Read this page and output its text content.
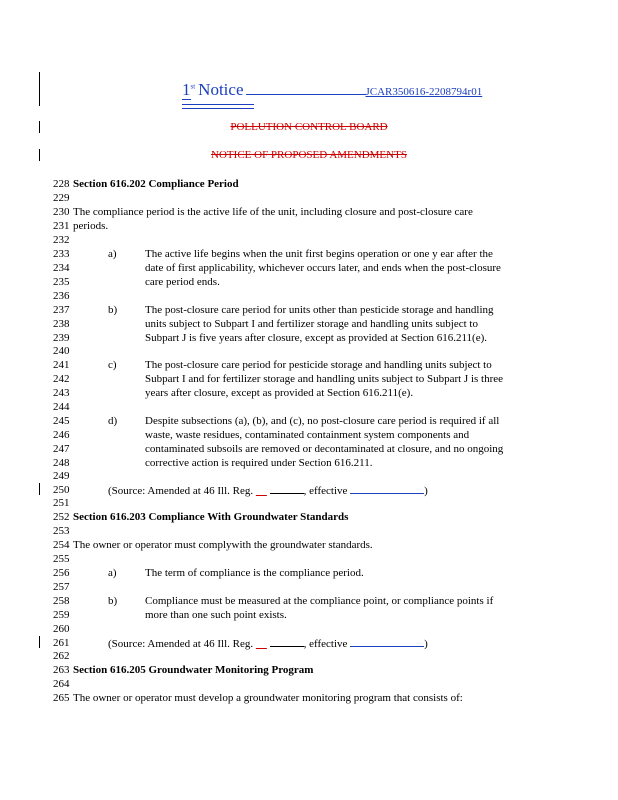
1st Notice	JCAR350616-2208794r01
POLLUTION CONTROL BOARD
NOTICE OF PROPOSED AMENDMENTS
228
229
230
231
232
233
234
235
236
237
238
239
240
241
242
243
244
245
246
247
248
249
250
251
252
253
254
255
256
257
258
259
260
261
262
263
264
265
Section 616.202 Compliance Period
The compliance period is the active life of the unit, including closure and post-closure care
periods.
a)	The active life begins when the unit first begins operation or one y ear after the
date of first applicability, whichever occurs later, and ends when the post-closure
care period ends.
b)	The post-closure care period for units other than pesticide storage and handling
units subject to Subpart I and fertilizer storage and handling units subject to
Subpart J is five years after closure, except as provided at Section 616.211(e).
c)	The post-closure care period for pesticide storage and handling units subject to
Subpart I and for fertilizer storage and handling units subject to Subpart J is three
years after closure, except as provided at Section 616.211(e).
d)	Despite subsections (a), (b), and (c), no post-closure care period is required if all
waste, waste residues, contaminated containment system components and
contaminated subsoils are removed or decontaminated at closure, and no ongoing
corrective action is required under Section 616.211.
(Source: Amended at 46 Ill. Reg.	, effective	)
Section 616.203 Compliance With Groundwater Standards
The owner or operator must complywith the groundwater standards.
a)	The term of compliance is the compliance period.
b)	Compliance must be measured at the compliance point, or compliance points if
more than one such point exists.
(Source: Amended at 46 Ill. Reg.	, effective	)
Section 616.205 Groundwater Monitoring Program
The owner or operator must develop a groundwater monitoring program that consists of:
